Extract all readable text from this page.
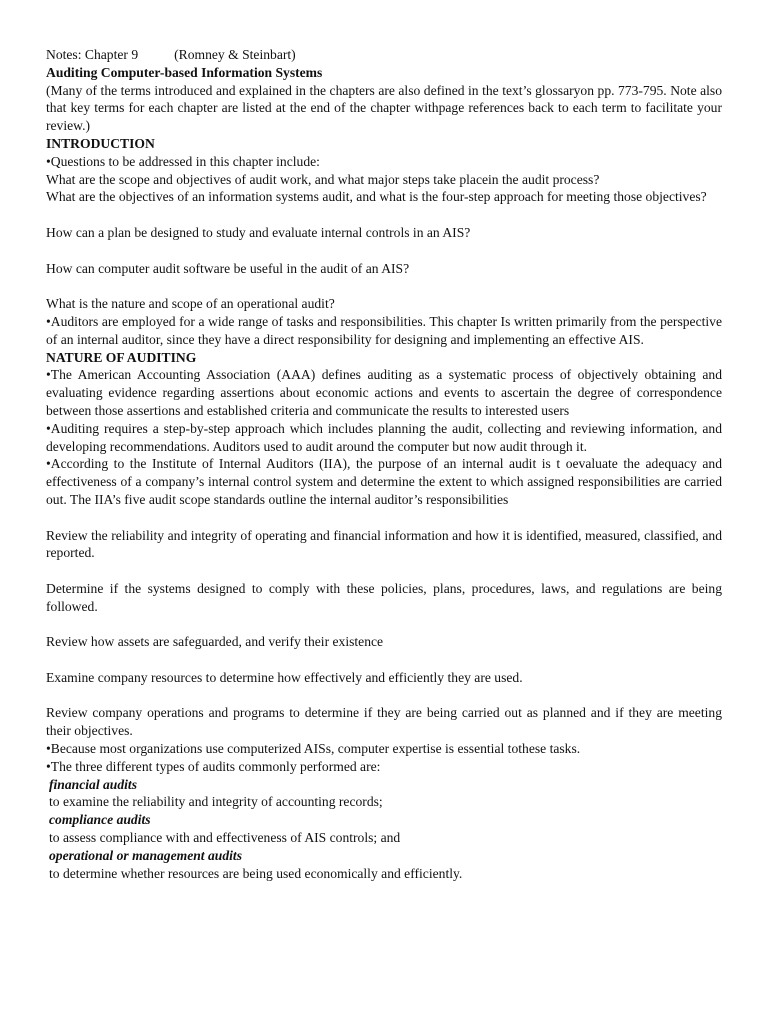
Notes: Chapter 9	(Romney & Steinbart)
Auditing Computer-based Information Systems

(Many of the terms introduced and explained in the chapters are also defined in the text’s glossaryon pp. 773-795. Note also that key terms for each chapter are listed at the end of the chapter withpage references back to each term to facilitate your review.)

INTRODUCTION
•Questions to be addressed in this chapter include:
What are the scope and objectives of audit work, and what major steps take placein the audit process?

What are the objectives of an information systems audit, and what is the four-step approach for meeting those objectives?

How can a plan be designed to study and evaluate internal controls in an AIS?
How can computer audit software be useful in the audit of an AIS?
What is the nature and scope of an operational audit?

•Auditors are employed for a wide range of tasks and responsibilities. This chapter Is written primarily from the perspective of an internal auditor, since they have a direct responsibility for designing and implementing an effective AIS.

NATURE OF AUDITING

•The American Accounting Association (AAA) defines auditing as a systematic process of objectively obtaining and evaluating evidence regarding assertions about economic actions and events to ascertain the degree of correspondence between those assertions and established criteria and communicate the results to interested users

•Auditing requires a step-by-step approach which includes planning the audit, collecting and reviewing information, and developing recommendations. Auditors used to audit around the computer but now audit through it.

•According to the Institute of Internal Auditors (IIA), the purpose of an internal audit is t oevaluate the adequacy and effectiveness of a company’s internal control system and determine the extent to which assigned responsibilities are carried out. The IIA’s five audit scope standards outline the internal auditor’s responsibilities

Review the reliability and integrity of operating and financial information and how it is identified, measured, classified, and reported.

Determine if the systems designed to comply with these policies, plans, procedures, laws, and regulations are being followed.

Review how assets are safeguarded, and verify their existence
Examine company resources to determine how effectively and efficiently they are used.

Review company operations and programs to determine if they are being carried out as planned and if they are meeting their objectives.

•Because most organizations use computerized AISs, computer expertise is essential tothese tasks.
•The three different types of audits commonly performed are:
financial audits
to examine the reliability and integrity of accounting records;
compliance audits
to assess compliance with and effectiveness of AIS controls; and
operational or management audits
to determine whether resources are being used economically and efficiently.
